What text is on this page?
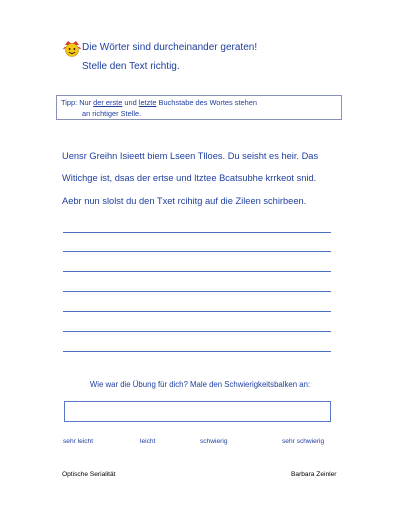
Die Wörter sind durcheinander geraten!
Stelle den Text richtig.
Tipp: Nur der erste und letzte Buchstabe des Wortes stehen
an richtiger Stelle.
Uensr Greihn Isieett biem Lseen Tlloes. Du seisht es heir. Das
Witichge ist, dsas der ertse und ltztee Bcatsubhe krrkeot snid.
Aebr nun slolst du den Txet rcihitg auf die Zileen schirbeen.
Wie war die Übung für dich? Male den Schwierigkeitsbalken an:
sehr leicht	leicht	schwierig	sehr schwierig
Optische Serialität	Barbara Zeinler
